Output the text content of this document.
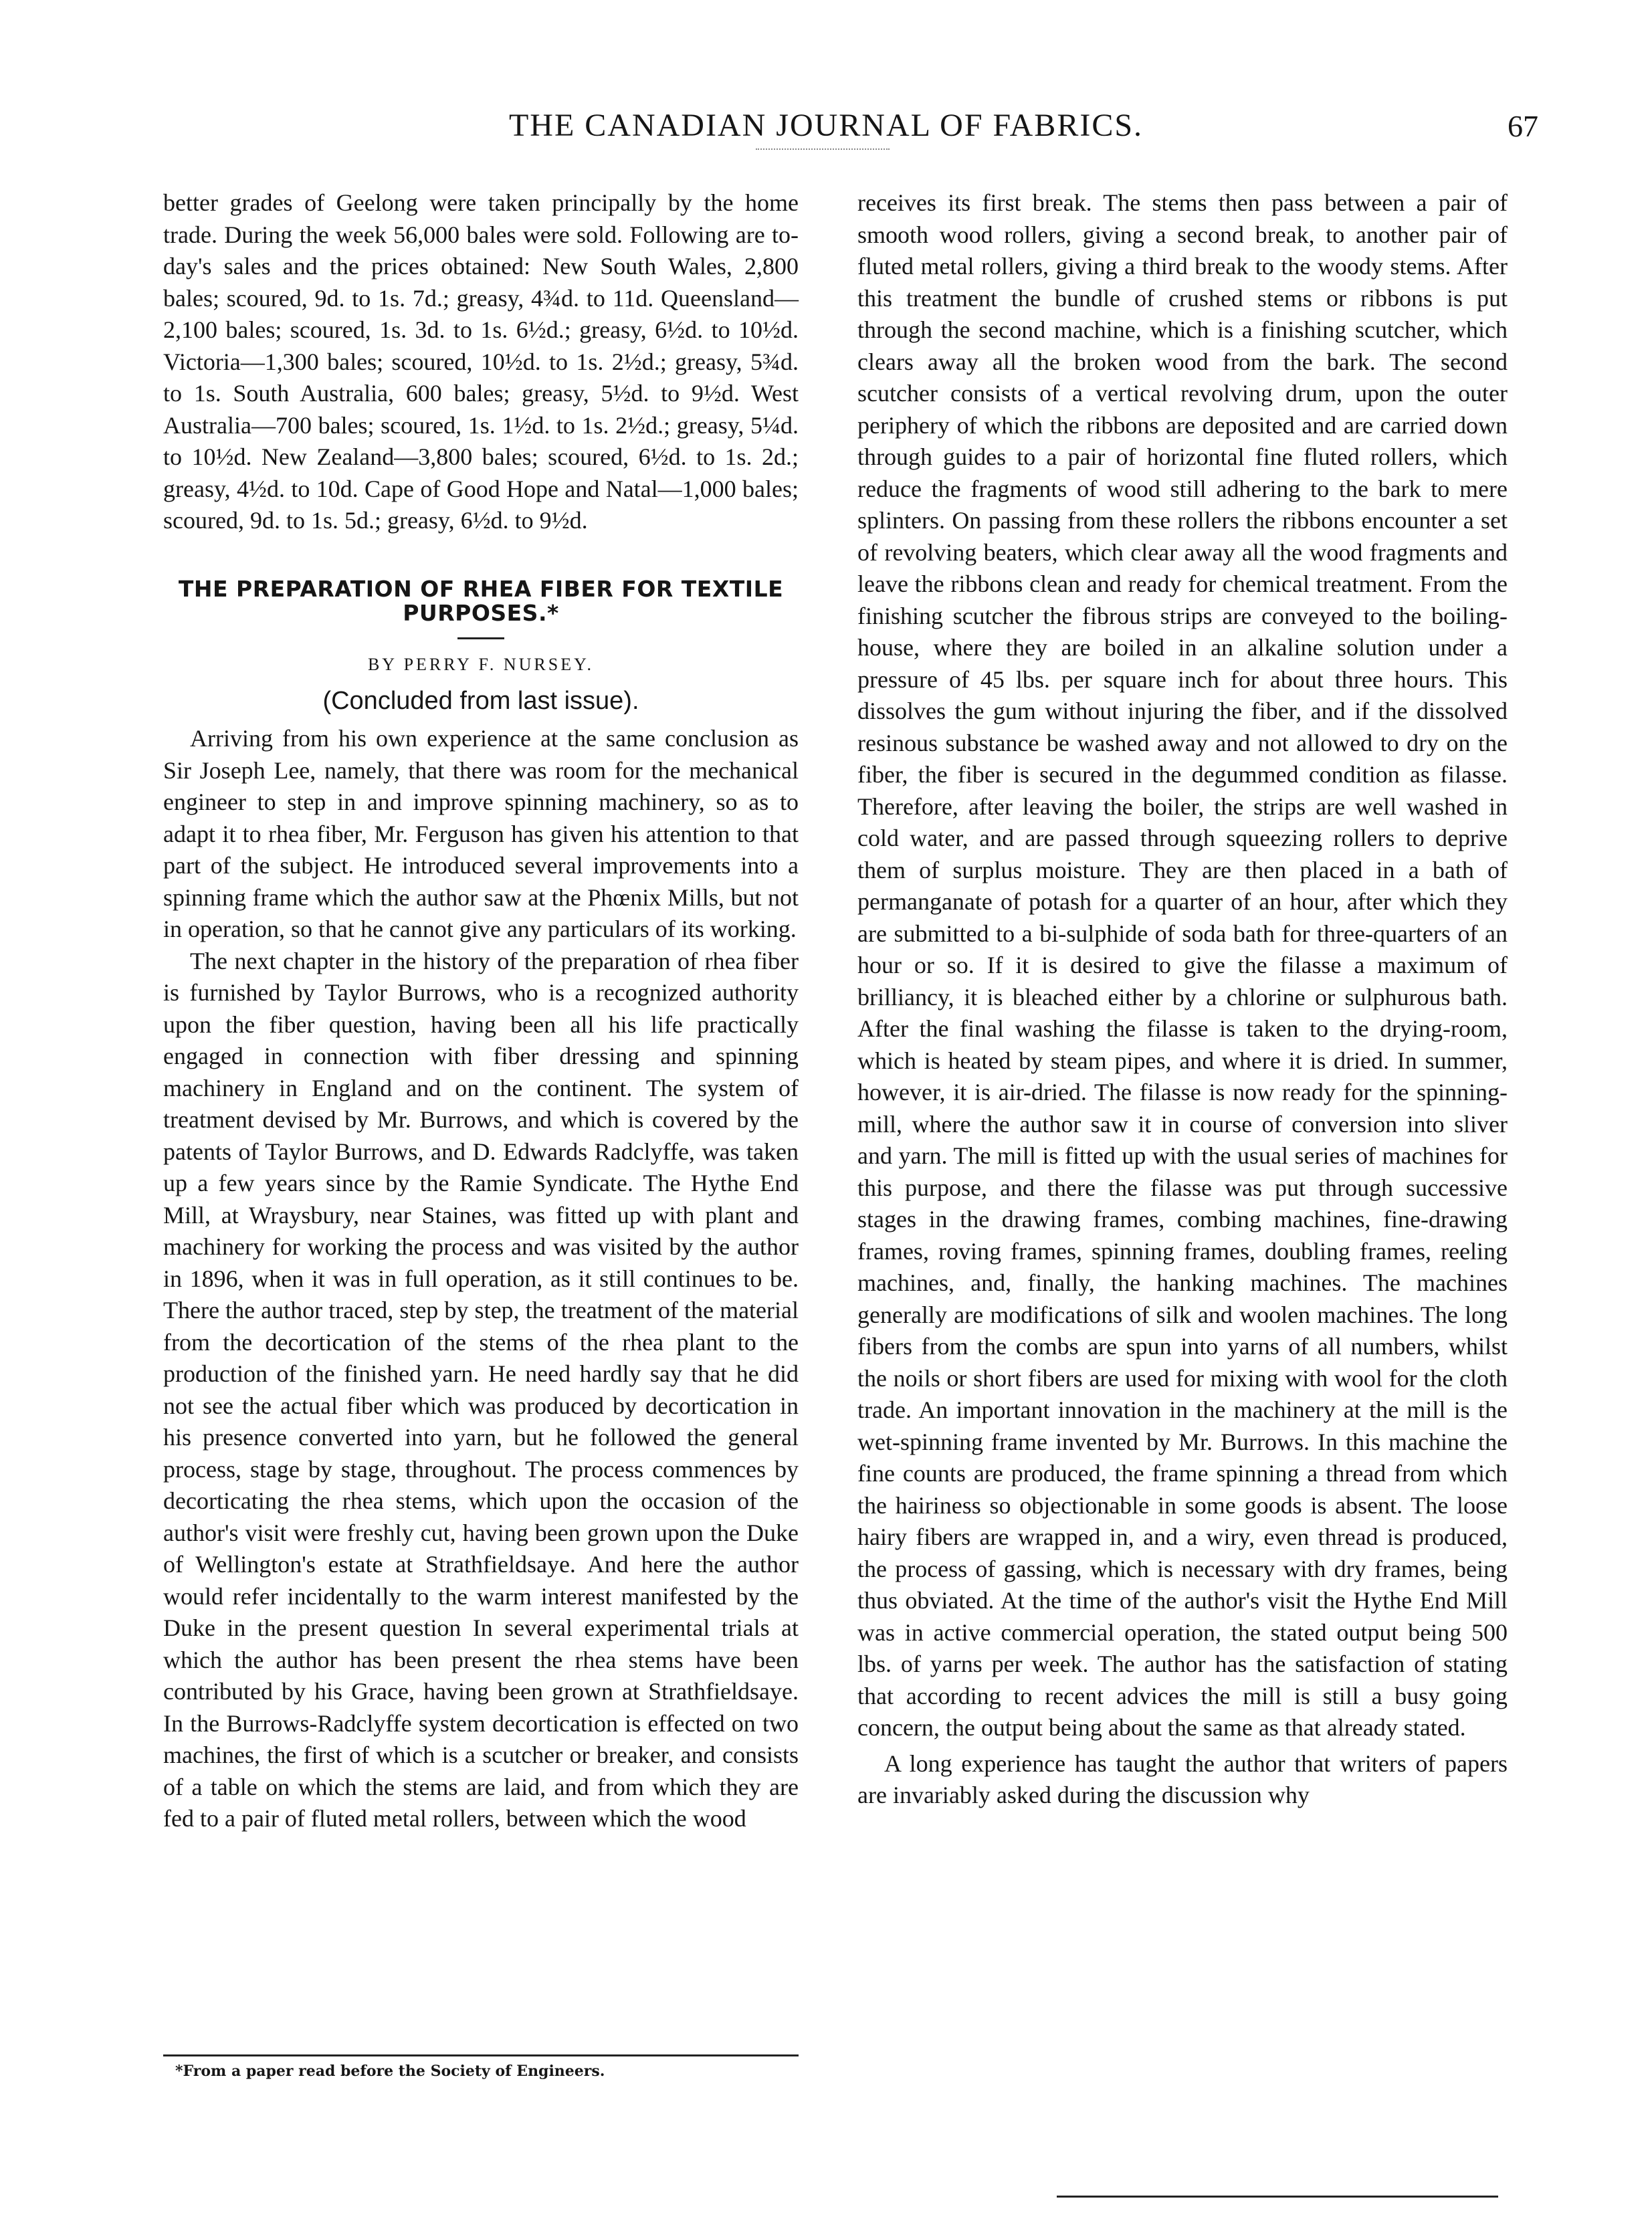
THE CANADIAN JOURNAL OF FABRICS.	67

better grades of Geelong were taken principally by the home trade. During the week 56,000 bales were sold. Following are to-day's sales and the prices obtained: New South Wales, 2,800 bales; scoured, 9d. to 1s. 7d.; greasy, 4¾d. to 11d. Queensland—2,100 bales; scoured, 1s. 3d. to 1s. 6½d.; greasy, 6½d. to 10½d. Victoria—1,300 bales; scoured, 10½d. to 1s. 2½d.; greasy, 5¾d. to 1s. South Australia, 600 bales; greasy, 5½d. to 9½d. West Australia—700 bales; scoured, 1s. 1½d. to 1s. 2½d.; greasy, 5¼d. to 10½d. New Zealand—3,800 bales; scoured, 6½d. to 1s. 2d.; greasy, 4½d. to 10d. Cape of Good Hope and Natal—1,000 bales; scoured, 9d. to 1s. 5d.; greasy, 6½d. to 9½d.

THE PREPARATION OF RHEA FIBER FOR TEXTILE PURPOSES.*
BY PERRY F. NURSEY.
(Concluded from last issue).

Arriving from his own experience at the same conclusion as Sir Joseph Lee, namely, that there was room for the mechanical engineer to step in and improve spinning machinery, so as to adapt it to rhea fiber, Mr. Ferguson has given his attention to that part of the subject. He introduced several improvements into a spinning frame which the author saw at the Phœnix Mills, but not in operation, so that he cannot give any particulars of its working.

The next chapter in the history of the preparation of rhea fiber is furnished by Taylor Burrows, who is a recognized authority upon the fiber question, having been all his life practically engaged in connection with fiber dressing and spinning machinery in England and on the continent. The system of treatment devised by Mr. Burrows, and which is covered by the patents of Taylor Burrows, and D. Edwards Radclyffe, was taken up a few years since by the Ramie Syndicate. The Hythe End Mill, at Wraysbury, near Staines, was fitted up with plant and machinery for working the process and was visited by the author in 1896, when it was in full operation, as it still continues to be. There the author traced, step by step, the treatment of the material from the decortication of the stems of the rhea plant to the production of the finished yarn. He need hardly say that he did not see the actual fiber which was produced by decortication in his presence converted into yarn, but he followed the general process, stage by stage, throughout. The process commences by decorticating the rhea stems, which upon the occasion of the author's visit were freshly cut, having been grown upon the Duke of Wellington's estate at Strathfieldsaye. And here the author would refer incidentally to the warm interest manifested by the Duke in the present question In several experimental trials at which the author has been present the rhea stems have been contributed by his Grace, having been grown at Strathfieldsaye. In the Burrows-Radclyffe system decortication is effected on two machines, the first of which is a scutcher or breaker, and consists of a table on which the stems are laid, and from which they are fed to a pair of fluted metal rollers, between which the wood

receives its first break. The stems then pass between a pair of smooth wood rollers, giving a second break, to another pair of fluted metal rollers, giving a third break to the woody stems. After this treatment the bundle of crushed stems or ribbons is put through the second machine, which is a finishing scutcher, which clears away all the broken wood from the bark. The second scutcher consists of a vertical revolving drum, upon the outer periphery of which the ribbons are deposited and are carried down through guides to a pair of horizontal fine fluted rollers, which reduce the fragments of wood still adhering to the bark to mere splinters. On passing from these rollers the ribbons encounter a set of revolving beaters, which clear away all the wood fragments and leave the ribbons clean and ready for chemical treatment. From the finishing scutcher the fibrous strips are conveyed to the boiling-house, where they are boiled in an alkaline solution under a pressure of 45 lbs. per square inch for about three hours. This dissolves the gum without injuring the fiber, and if the dissolved resinous substance be washed away and not allowed to dry on the fiber, the fiber is secured in the degummed condition as filasse. Therefore, after leaving the boiler, the strips are well washed in cold water, and are passed through squeezing rollers to deprive them of surplus moisture. They are then placed in a bath of permanganate of potash for a quarter of an hour, after which they are submitted to a bi-sulphide of soda bath for three-quarters of an hour or so. If it is desired to give the filasse a maximum of brilliancy, it is bleached either by a chlorine or sulphurous bath. After the final washing the filasse is taken to the drying-room, which is heated by steam pipes, and where it is dried. In summer, however, it is air-dried. The filasse is now ready for the spinning-mill, where the author saw it in course of conversion into sliver and yarn. The mill is fitted up with the usual series of machines for this purpose, and there the filasse was put through successive stages in the drawing frames, combing machines, fine-drawing frames, roving frames, spinning frames, doubling frames, reeling machines, and, finally, the hanking machines. The machines generally are modifications of silk and woolen machines. The long fibers from the combs are spun into yarns of all numbers, whilst the noils or short fibers are used for mixing with wool for the cloth trade. An important innovation in the machinery at the mill is the wet-spinning frame invented by Mr. Burrows. In this machine the fine counts are produced, the frame spinning a thread from which the hairiness so objectionable in some goods is absent. The loose hairy fibers are wrapped in, and a wiry, even thread is produced, the process of gassing, which is necessary with dry frames, being thus obviated. At the time of the author's visit the Hythe End Mill was in active commercial operation, the stated output being 500 lbs. of yarns per week. The author has the satisfaction of stating that according to recent advices the mill is still a busy going concern, the output being about the same as that already stated.

A long experience has taught the author that writers of papers are invariably asked during the discussion why

*From a paper read before the Society of Engineers.
